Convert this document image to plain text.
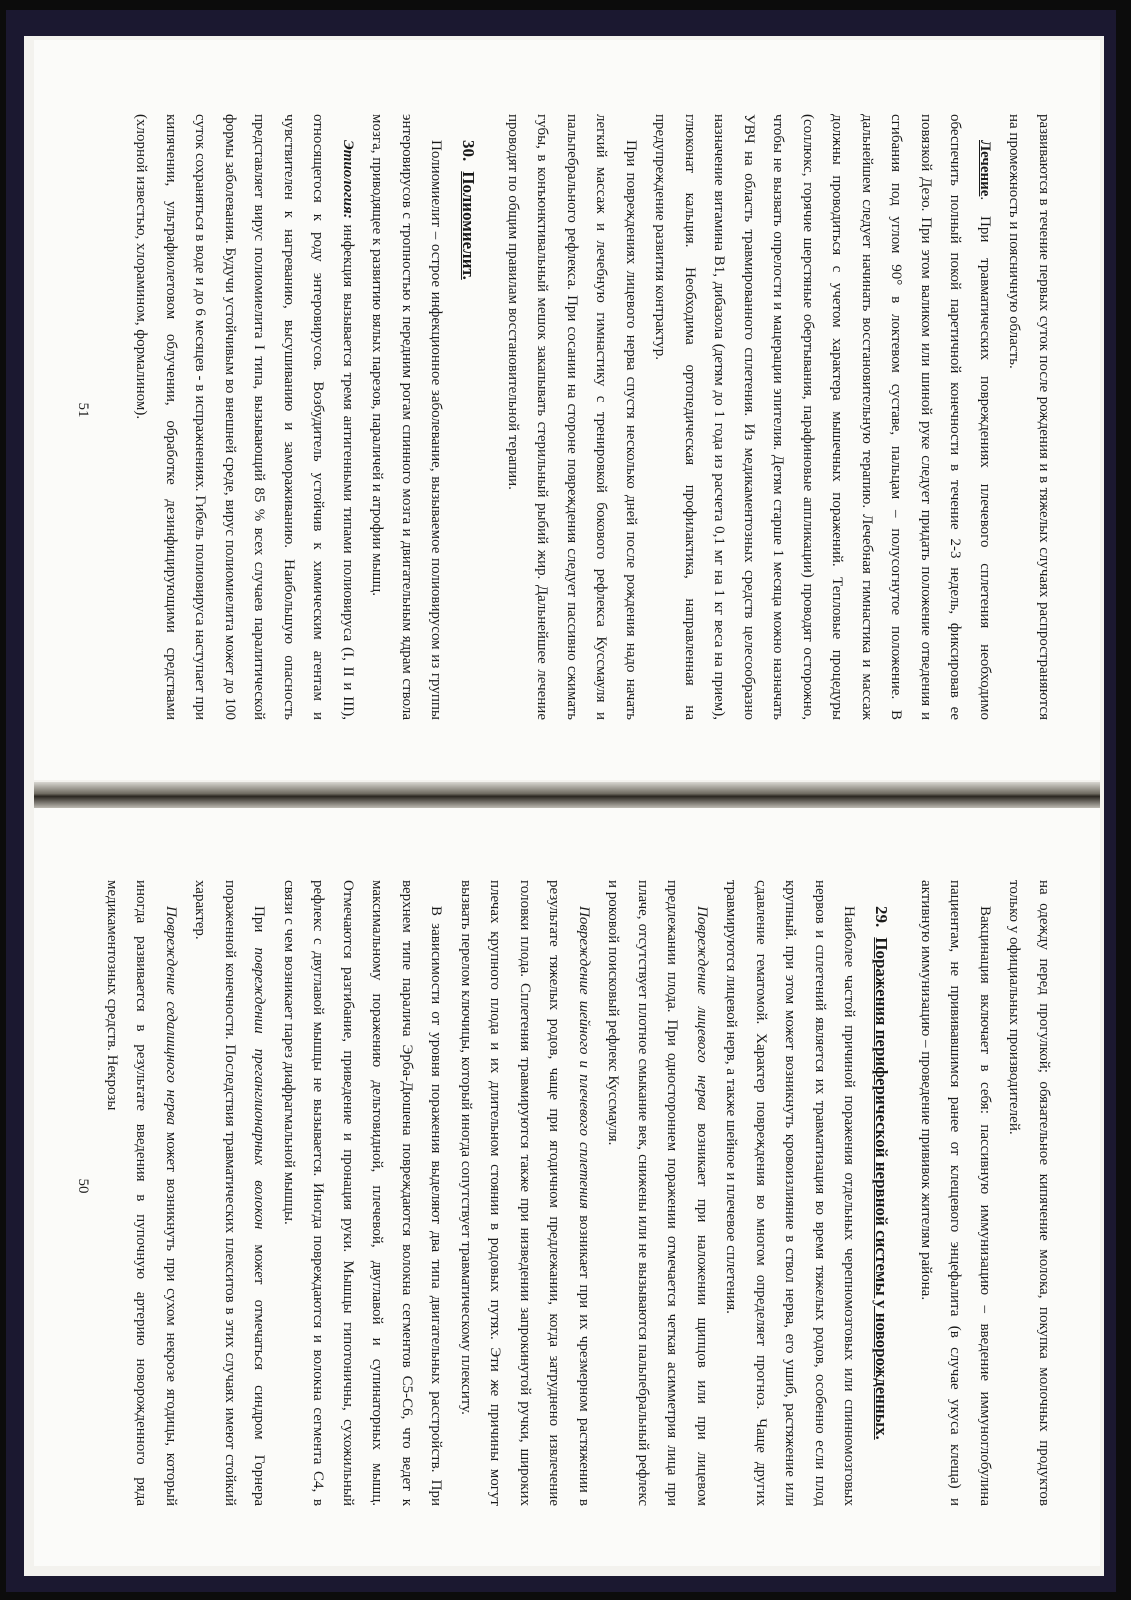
развиваются в течение первых суток после рождения и в тяжелых случаях распространяются на промежность и поясничную область.

Лечение. При травматических повреждениях плечевого сплетения необходимо обеспечить полный покой паретичной конечности в течение 2-3 недель, фиксировав ее повязкой Дезо. При этом валиком или шиной руке следует придать положение отведения и сгибания под углом 90° в локтевом суставе, пальцам – полусогнутое положение. В дальнейшем следует начинать восстановительную терапию. Лечебная гимнастика и массаж должны проводиться с учетом характера мышечных поражений. Тепловые процедуры (соллюкс, горячие шерстяные обертывания, парафиновые аппликации) проводят осторожно, чтобы не вызвать опрелости и мацерации эпителия. Детям старше 1 месяца можно назначать УВЧ на область травмированного сплетения. Из медикаментозных средств целесообразно назначение витамина В1, дибазола (детям до 1 года из расчета 0,1 мг на 1 кг веса на прием), глюконат кальция. Необходима ортопедическая профилактика, направленная на предупреждение развития контрактур.

При повреждениях лицевого нерва спустя несколько дней после рождения надо начать легкий массаж и лечебную гимнастику с тренировкой бокового рефлекса Куссмауля и пальпебрального рефлекса. При сосании на стороне повреждения следует пассивно сжимать губы, в конъюнктивальный мешок закапывать стерильный рыбий жир. Дальнейшее лечение проводят по общим правилам восстановительной терапии.

30.Полиомиелит.

Полиомиелит – острое инфекционное заболевание, вызываемое полиовирусом из группы энтеровирусов с тропностью к передним рогам спинного мозга и двигательным ядрам ствола мозга, приводящее к развитию вялых парезов, параличей и атрофии мышц.

Этиология: инфекция вызывается тремя антигенными типами полиовируса (I, II и III), относящегося к роду энтеровирусов. Возбудитель устойчив к химическим агентам и чувствителен к нагреванию, высушиванию и замораживанию. Наибольшую опасность представляет вирус полиомиелита I типа, вызывающий 85 % всех случаев паралитической формы заболевания. Будучи устойчивым во внешней среде, вирус полиомиелита может до 100 суток сохраняться в воде и до 6 месяцев - в испражнениях. Гибель полиовируса наступает при кипячении, ультрафиолетовом облучении, обработке дезинфицирующими средствами (хлорной известью, хлорамином, формалином).

51

на одежду перед прогулкой; обязательное кипячение молока, покупка молочных продуктов только у официальных производителей.

Вакцинация включает в себя: пассивную иммунизацию – введение иммуноглобулина пациентам, не прививавшимся ранее от клещевого энцефалита (в случае укуса клеща) и активную иммунизацию – проведение прививок жителям района.

29.Поражения периферической нервной системы у новорожденных.

Наиболее частой причиной поражения отдельных черепномозговых или спинномозговых нервов и сплетений является их травматизация во время тяжелых родов, особенно если плод крупный. при этом может возникнуть кровоизлияние в ствол нерва, его ушиб, растяжение или сдавление гематомой. Характер повреждения во многом определяет прогноз. Чаще других травмируются лицевой нерв, а также шейное и плечевое сплетения.

Повреждение лицевого нерва возникает при наложении щипцов или при лицевом предлежании плода. При одностороннем поражении отмечается четкая асимметрия лица при плаче, отсутствует плотное смыкание век, снижены или не вызываются пальпебральный рефлекс и роковой поисковый рефлекс Куссмауля.

Повреждение шейного и плечевого сплетения возникает при их чрезмерном растяжении в результате тяжелых родов, чаще при ягодичном предлежании, когда затруднено извлечение головки плода. Сплетения травмируются также при низведении запрокинутой ручки, широких плечах крупного плода и их длительном стоянии в родовых путях. Эти же причины могут вызвать перелом ключицы, который иногда сопутствует травматическому плекситу.

В зависимости от уровня поражения выделяют два типа двигательных расстройств. При верхнем типе паралича Эрба-Дюшена повреждаются волокна сегментов С5-С6, что ведет к максимальному поражению дельтовидной, плечевой, двуглавой и супинаторных мышц. Отмечаются разгибание, приведение и пронация руки. Мышцы гипотоничны, сухожильный рефлекс с двуглавой мышцы не вызывается. Иногда повреждаются и волокна сегмента С4, в связи с чем возникает парез диафрагмальной мышцы.

При повреждении преганглионарных волокон может отмечаться синдром Горнера пораженной конечности. Последствия травматических плекситов в этих случаях имеют стойкий характер.

Повреждение седалищного нерва может возникнуть при сухом некрозе ягодицы, который иногда развивается в результате введения в пупочную артерию новорожденного ряда медикаментозных средств. Некрозы

50
